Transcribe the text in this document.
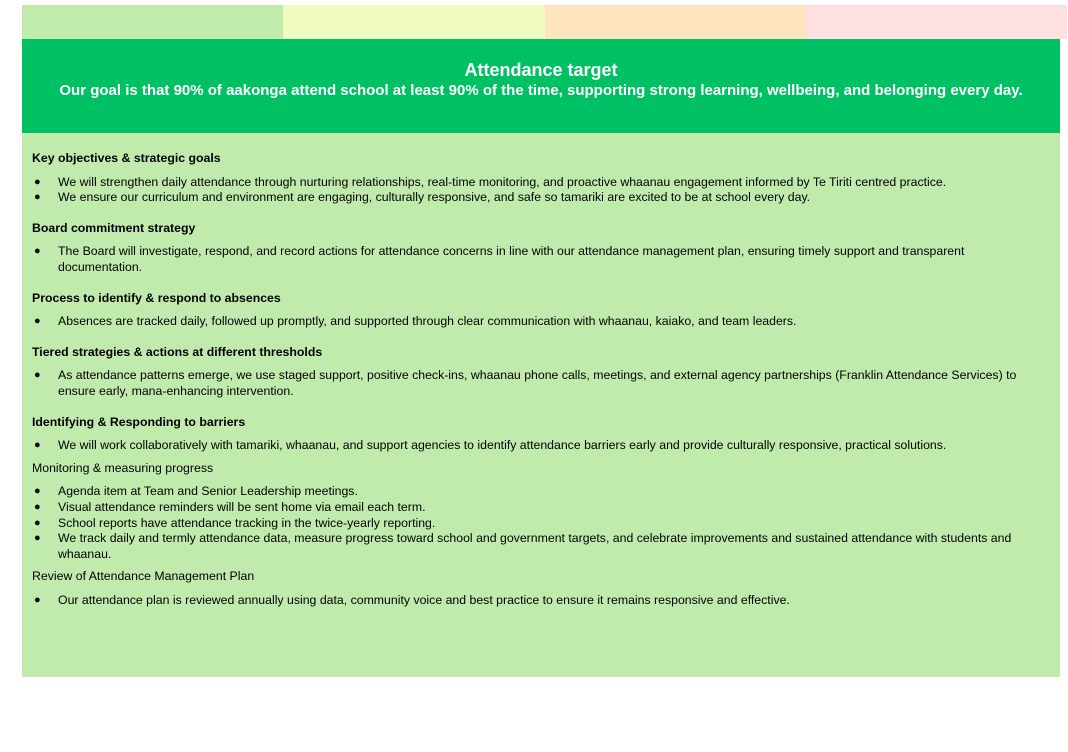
Attendance target
Our goal is that 90% of aakonga attend school at least 90% of the time, supporting strong learning, wellbeing, and belonging every day.
Key objectives & strategic goals
● We will strengthen daily attendance through nurturing relationships, real-time monitoring, and proactive whaanau engagement informed by Te Tiriti centred practice.
● We ensure our curriculum and environment are engaging, culturally responsive, and safe so tamariki are excited to be at school every day.
Board commitment strategy
● The Board will investigate, respond, and record actions for attendance concerns in line with our attendance management plan, ensuring timely support and transparent documentation.
Process to identify & respond to absences
● Absences are tracked daily, followed up promptly, and supported through clear communication with whaanau, kaiako, and team leaders.
Tiered strategies & actions at different thresholds
● As attendance patterns emerge, we use staged support, positive check-ins, whaanau phone calls, meetings, and external agency partnerships (Franklin Attendance Services) to ensure early, mana-enhancing intervention.
Identifying & Responding to barriers
● We will work collaboratively with tamariki, whaanau, and support agencies to identify attendance barriers early and provide culturally responsive, practical solutions.
Monitoring & measuring progress
● Agenda item at Team and Senior Leadership meetings.
● Visual attendance reminders will be sent home via email each term.
● School reports have attendance tracking in the twice-yearly reporting.
● We track daily and termly attendance data, measure progress toward school and government targets, and celebrate improvements and sustained attendance with students and whaanau.
Review of Attendance Management Plan
● Our attendance plan is reviewed annually using data, community voice and best practice to ensure it remains responsive and effective.
